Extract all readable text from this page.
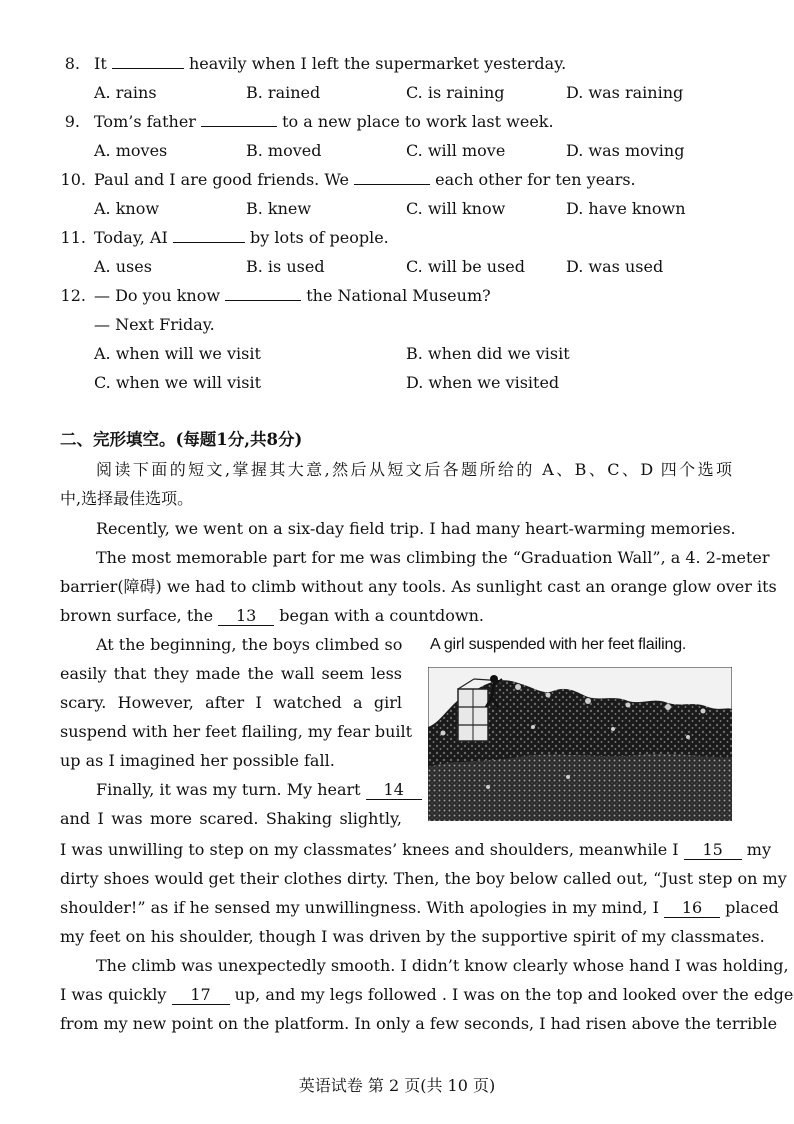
8. It	heavily when I left the supermarket yesterday.
A. rains	B. rained	C. is raining	D. was raining
9. Tom’s father	to a new place to work last week.
A. moves	B. moved	C. will move	D. was moving
10. Paul and I are good friends. We	each other for ten years.
A. know	B. knew	C. will know	D. have known
11. Today, AI	by lots of people.
A. uses	B. is used	C. will be used	D. was used
12. — Do you know	the National Museum?
— Next Friday.
A. when will we visit	B. when did we visit
C. when we will visit	D. when we visited
二、完形填空。(每题1分,共8分)
阅读下面的短文,掌握其大意,然后从短文后各题所给的 A、B、C、D 四个选项
中,选择最佳选项。
Recently, we went on a six-day field trip. I had many heart-warming memories.
The most memorable part for me was climbing the “Graduation Wall”, a 4. 2-meter
barrier(障碍) we had to climb without any tools. As sunlight cast an orange glow over its
brown surface, the 13 began with a countdown.
At the beginning, the boys climbed so
easily that they made the wall seem less
scary. However, after I watched a girl
suspend with her feet flailing, my fear built
up as I imagined her possible fall.
Finally, it was my turn. My heart 14
and I was more scared. Shaking slightly,
A girl suspended with her feet flailing.
I was unwilling to step on my classmates’ knees and shoulders, meanwhile I 15 my
dirty shoes would get their clothes dirty. Then, the boy below called out, “Just step on my
shoulder!” as if he sensed my unwillingness. With apologies in my mind, I 16 placed
my feet on his shoulder, though I was driven by the supportive spirit of my classmates.
The climb was unexpectedly smooth. I didn’t know clearly whose hand I was holding,
I was quickly 17 up, and my legs followed . I was on the top and looked over the edge
from my new point on the platform. In only a few seconds, I had risen above the terrible
英语试卷 第 2 页(共 10 页)
